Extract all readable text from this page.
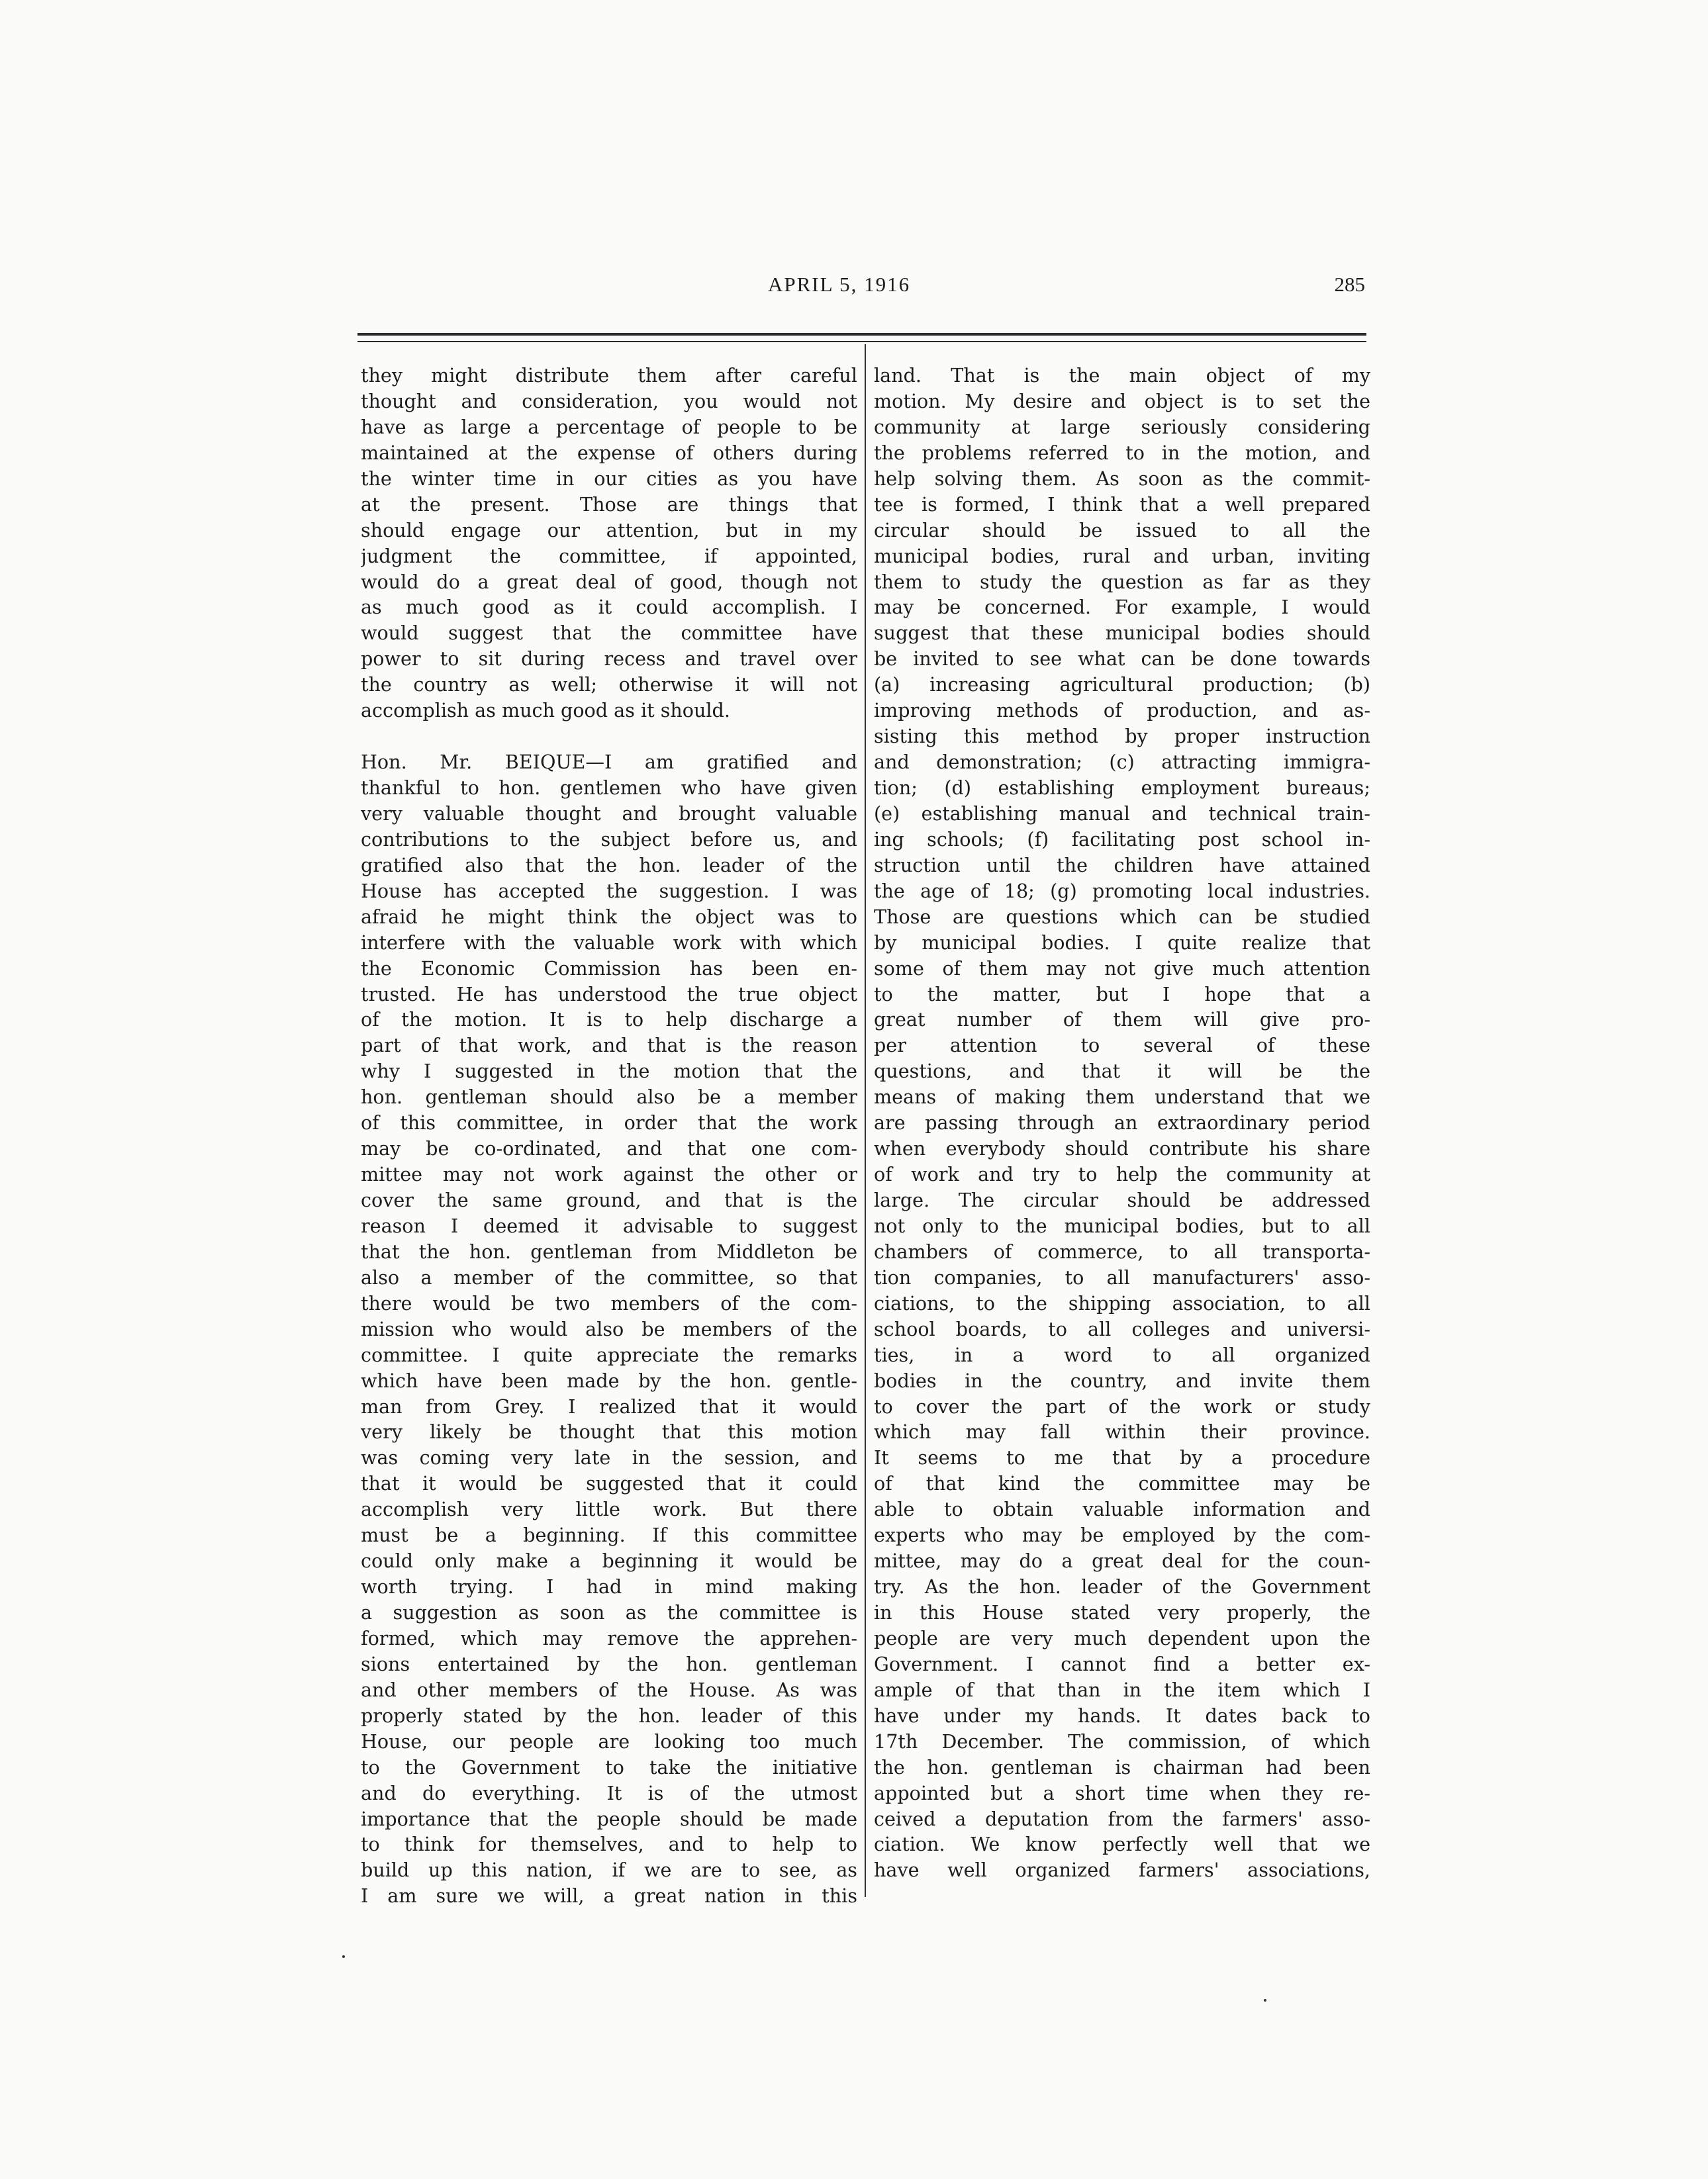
APRIL 5, 1916	285
they might distribute them after careful
thought and consideration, you would not
have as large a percentage of people to be
maintained at the expense of others during
the winter time in our cities as you have
at the present. Those are things that
should engage our attention, but in my
judgment the committee, if appointed,
would do a great deal of good, though not
as much good as it could accomplish. I
would suggest that the committee have
power to sit during recess and travel over
the country as well; otherwise it will not
accomplish as much good as it should.
Hon. Mr. BEIQUE—I am gratified and
thankful to hon. gentlemen who have given
very valuable thought and brought valuable
contributions to the subject before us, and
gratified also that the hon. leader of the
House has accepted the suggestion. I was
afraid he might think the object was to
interfere with the valuable work with which
the Economic Commission has been en-
trusted. He has understood the true object
of the motion. It is to help discharge a
part of that work, and that is the reason
why I suggested in the motion that the
hon. gentleman should also be a member
of this committee, in order that the work
may be co-ordinated, and that one com-
mittee may not work against the other or
cover the same ground, and that is the
reason I deemed it advisable to suggest
that the hon. gentleman from Middleton be
also a member of the committee, so that
there would be two members of the com-
mission who would also be members of the
committee. I quite appreciate the remarks
which have been made by the hon. gentle-
man from Grey. I realized that it would
very likely be thought that this motion
was coming very late in the session, and
that it would be suggested that it could
accomplish very little work. But there
must be a beginning. If this committee
could only make a beginning it would be
worth trying. I had in mind making
a suggestion as soon as the committee is
formed, which may remove the apprehen-
sions entertained by the hon. gentleman
and other members of the House. As was
properly stated by the hon. leader of this
House, our people are looking too much
to the Government to take the initiative
and do everything. It is of the utmost
importance that the people should be made
to think for themselves, and to help to
build up this nation, if we are to see, as
I am sure we will, a great nation in this
land. That is the main object of my
motion. My desire and object is to set the
community at large seriously considering
the problems referred to in the motion, and
help solving them. As soon as the commit-
tee is formed, I think that a well prepared
circular should be issued to all the
municipal bodies, rural and urban, inviting
them to study the question as far as they
may be concerned. For example, I would
suggest that these municipal bodies should
be invited to see what can be done towards
(a) increasing agricultural production; (b)
improving methods of production, and as-
sisting this method by proper instruction
and demonstration; (c) attracting immigra-
tion; (d) establishing employment bureaus;
(e) establishing manual and technical train-
ing schools; (f) facilitating post school in-
struction until the children have attained
the age of 18; (g) promoting local industries.
Those are questions which can be studied
by municipal bodies. I quite realize that
some of them may not give much attention
to the matter, but I hope that a
great number of them will give pro-
per attention to several of these
questions, and that it will be the
means of making them understand that we
are passing through an extraordinary period
when everybody should contribute his share
of work and try to help the community at
large. The circular should be addressed
not only to the municipal bodies, but to all
chambers of commerce, to all transporta-
tion companies, to all manufacturers' asso-
ciations, to the shipping association, to all
school boards, to all colleges and universi-
ties, in a word to all organized
bodies in the country, and invite them
to cover the part of the work or study
which may fall within their province.
It seems to me that by a procedure
of that kind the committee may be
able to obtain valuable information and
experts who may be employed by the com-
mittee, may do a great deal for the coun-
try. As the hon. leader of the Government
in this House stated very properly, the
people are very much dependent upon the
Government. I cannot find a better ex-
ample of that than in the item which I
have under my hands. It dates back to
17th December. The commission, of which
the hon. gentleman is chairman had been
appointed but a short time when they re-
ceived a deputation from the farmers' asso-
ciation. We know perfectly well that we
have well organized farmers' associations,
